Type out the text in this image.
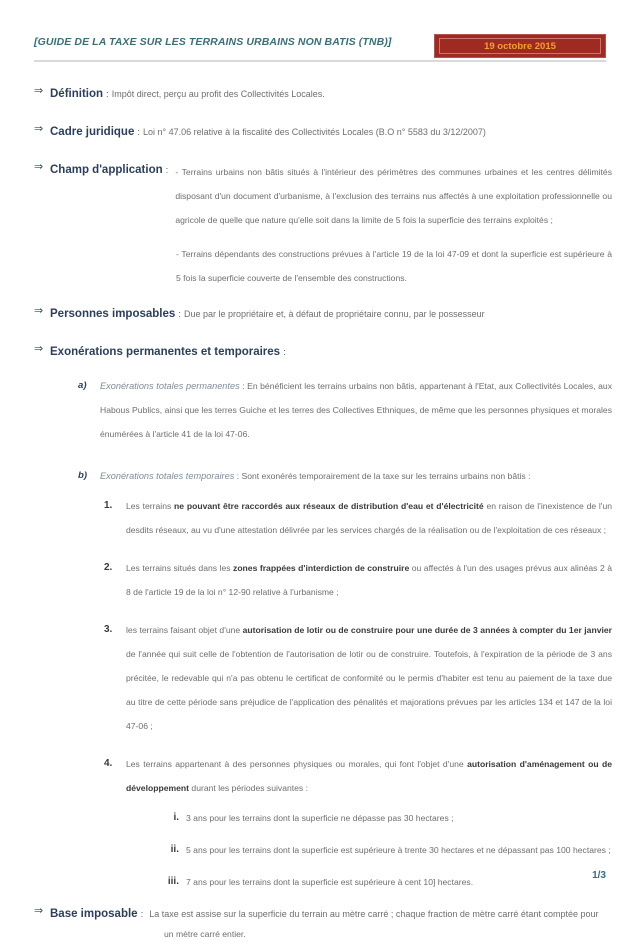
[GUIDE DE LA TAXE SUR LES TERRAINS URBAINS NON BATIS (TNB)]	19 octobre 2015
⇒ Définition : Impôt direct, perçu au profit des Collectivités Locales.
⇒ Cadre juridique : Loi n° 47.06 relative à la fiscalité des Collectivités Locales (B.O n° 5583 du 3/12/2007)
⇒ Champ d'application : - Terrains urbains non bâtis situés à l'intérieur des périmètres des communes urbaines et les centres délimités disposant d'un document d'urbanisme, à l'exclusion des terrains nus affectés à une exploitation professionnelle ou agricole de quelle que nature qu'elle soit dans la limite de 5 fois la superficie des terrains exploités ;
- Terrains dépendants des constructions prévues à l'article 19 de la loi 47-09 et dont la superficie est supérieure à 5 fois la superficie couverte de l'ensemble des constructions.
⇒ Personnes imposables : Due par le propriétaire et, à défaut de propriétaire connu, par le possesseur
⇒ Exonérations permanentes et temporaires :
a)	Exonérations totales permanentes : En bénéficient les terrains urbains non bâtis, appartenant à l'Etat, aux Collectivités Locales, aux Habous Publics, ainsi que les terres Guiche et les terres des Collectives Ethniques, de même que les personnes physiques et morales énumérées à l'article 41 de la loi 47-06.
b)	Exonérations totales temporaires : Sont exonérés temporairement de la taxe sur les terrains urbains non bâtis :
1.	Les terrains ne pouvant être raccordés aux réseaux de distribution d'eau et d'électricité en raison de l'inexistence de l'un desdits réseaux, au vu d'une attestation délivrée par les services chargés de la réalisation ou de l'exploitation de ces réseaux ;
2.	Les terrains situés dans les zones frappées d'interdiction de construire ou affectés à l'un des usages prévus aux alinéas 2 à 8 de l'article 19 de la loi n° 12-90 relative à l'urbanisme ;
3.	les terrains faisant objet d'une autorisation de lotir ou de construire pour une durée de 3 années à compter du 1er janvier de l'année qui suit celle de l'obtention de l'autorisation de lotir ou de construire. Toutefois, à l'expiration de la période de 3 ans précitée, le redevable qui n'a pas obtenu le certificat de conformité ou le permis d'habiter est tenu au paiement de la taxe due au titre de cette période sans préjudice de l'application des pénalités et majorations prévues par les articles 134 et 147 de la loi 47-06 ;
4.	Les terrains appartenant à des personnes physiques ou morales, qui font l'objet d'une autorisation d'aménagement ou de développement durant les périodes suivantes :
i. 3 ans pour les terrains dont la superficie ne dépasse pas 30 hectares ;
ii. 5 ans pour les terrains dont la superficie est supérieure à trente 30 hectares et ne dépassant pas 100 hectares ;
iii. 7 ans pour les terrains dont la superficie est supérieure à cent 10] hectares.
⇒ Base imposable : La taxe est assise sur la superficie du terrain au mètre carré ; chaque fraction de mètre carré étant comptée pour
un mètre carré entier.
1/3
